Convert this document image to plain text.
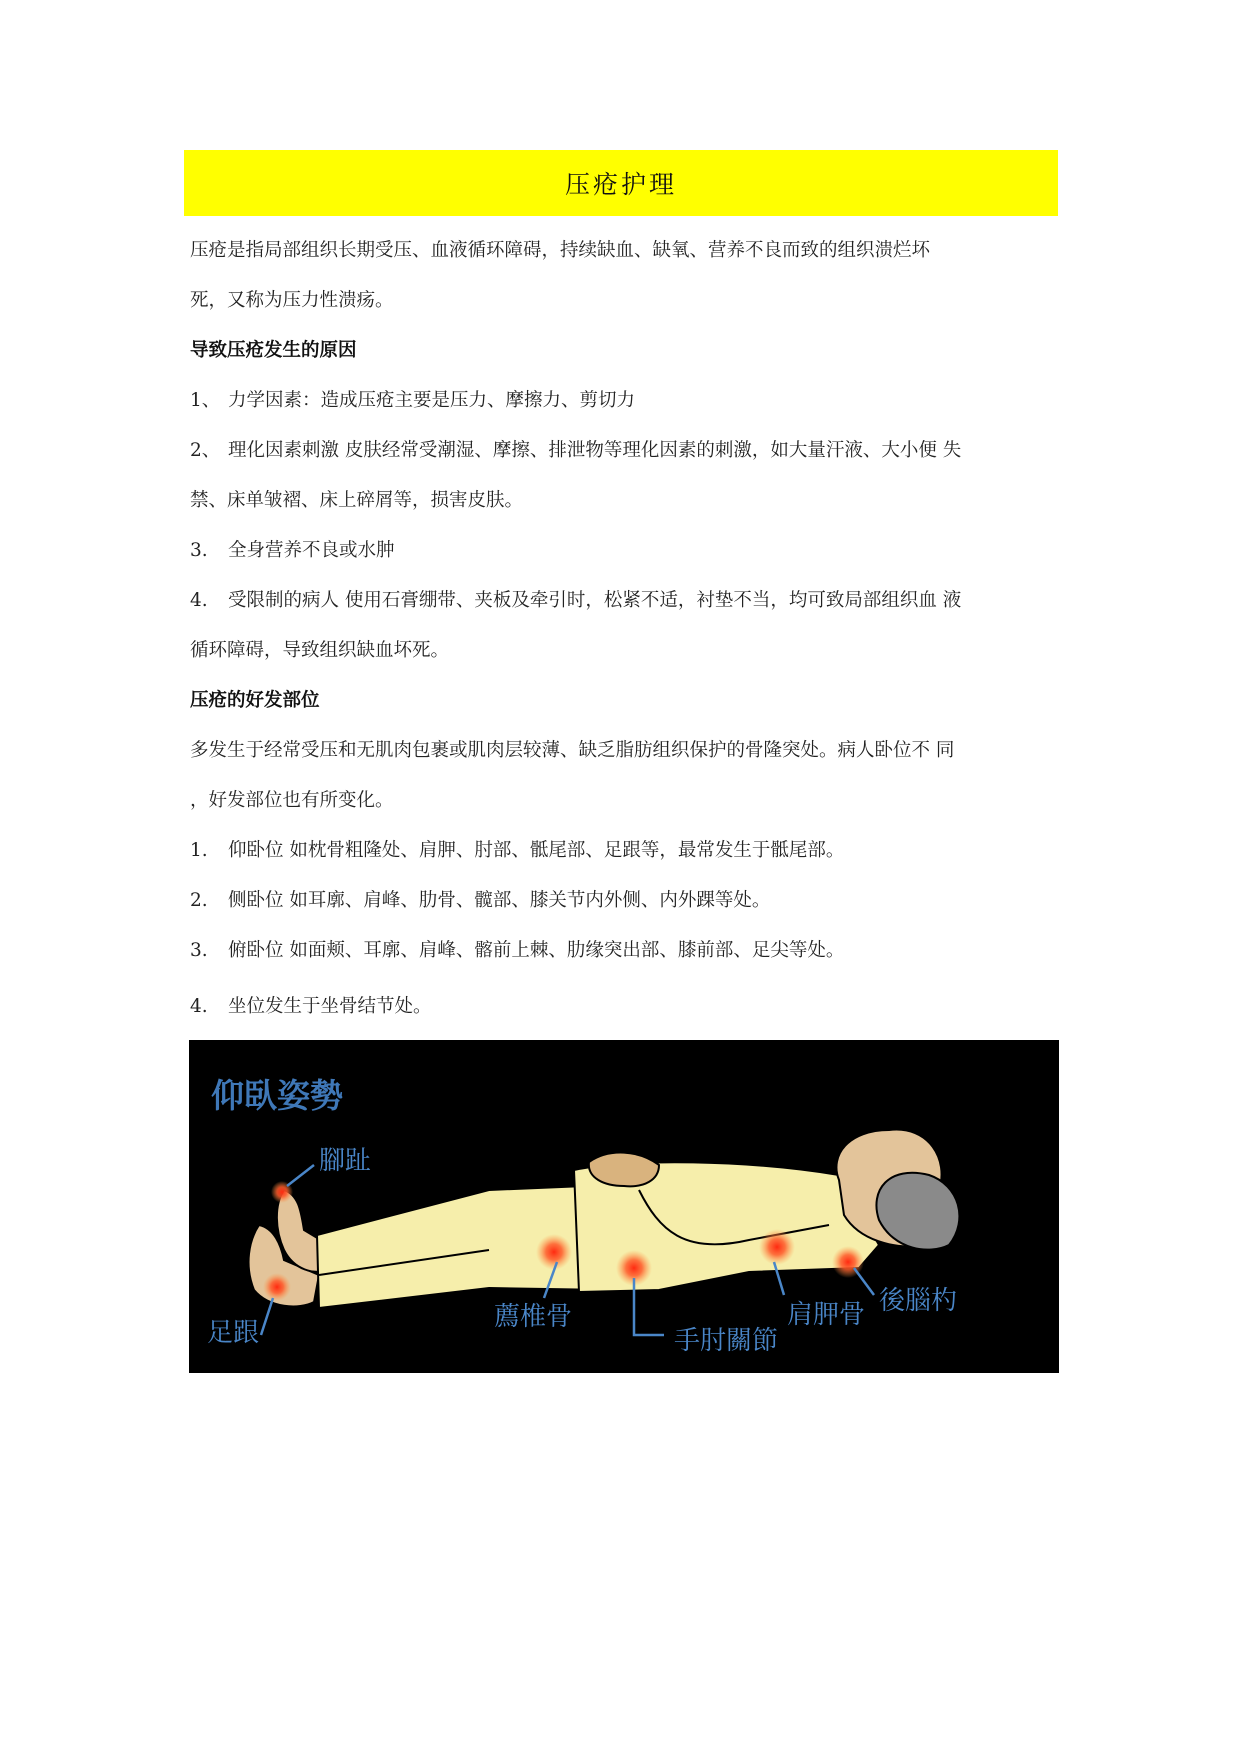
压疮护理

压疮是指局部组织长期受压、血液循环障碍，持续缺血、缺氧、营养不良而致的组织溃烂坏

死，又称为压力性溃疡。

导致压疮发生的原因

1、 力学因素：造成压疮主要是压力、摩擦力、剪切力

2、 理化因素刺激 皮肤经常受潮湿、摩擦、排泄物等理化因素的刺激，如大量汗液、大小便 失

禁、床单皱褶、床上碎屑等，损害皮肤。

3. 全身营养不良或水肿

4. 受限制的病人 使用石膏绷带、夹板及牵引时，松紧不适，衬垫不当，均可致局部组织血 液

循环障碍，导致组织缺血坏死。

压疮的好发部位

多发生于经常受压和无肌肉包裹或肌肉层较薄、缺乏脂肪组织保护的骨隆突处。病人卧位不 同

，好发部位也有所变化。

1. 仰卧位 如枕骨粗隆处、肩胛、肘部、骶尾部、足跟等，最常发生于骶尾部。

2. 侧卧位 如耳廓、肩峰、肋骨、髋部、膝关节内外侧、内外踝等处。

3. 俯卧位 如面颊、耳廓、肩峰、髂前上棘、肋缘突出部、膝前部、足尖等处。

4. 坐位发生于坐骨结节处。

仰臥姿勢
腳趾
足跟
薦椎骨
手肘關節
肩胛骨 後腦杓
